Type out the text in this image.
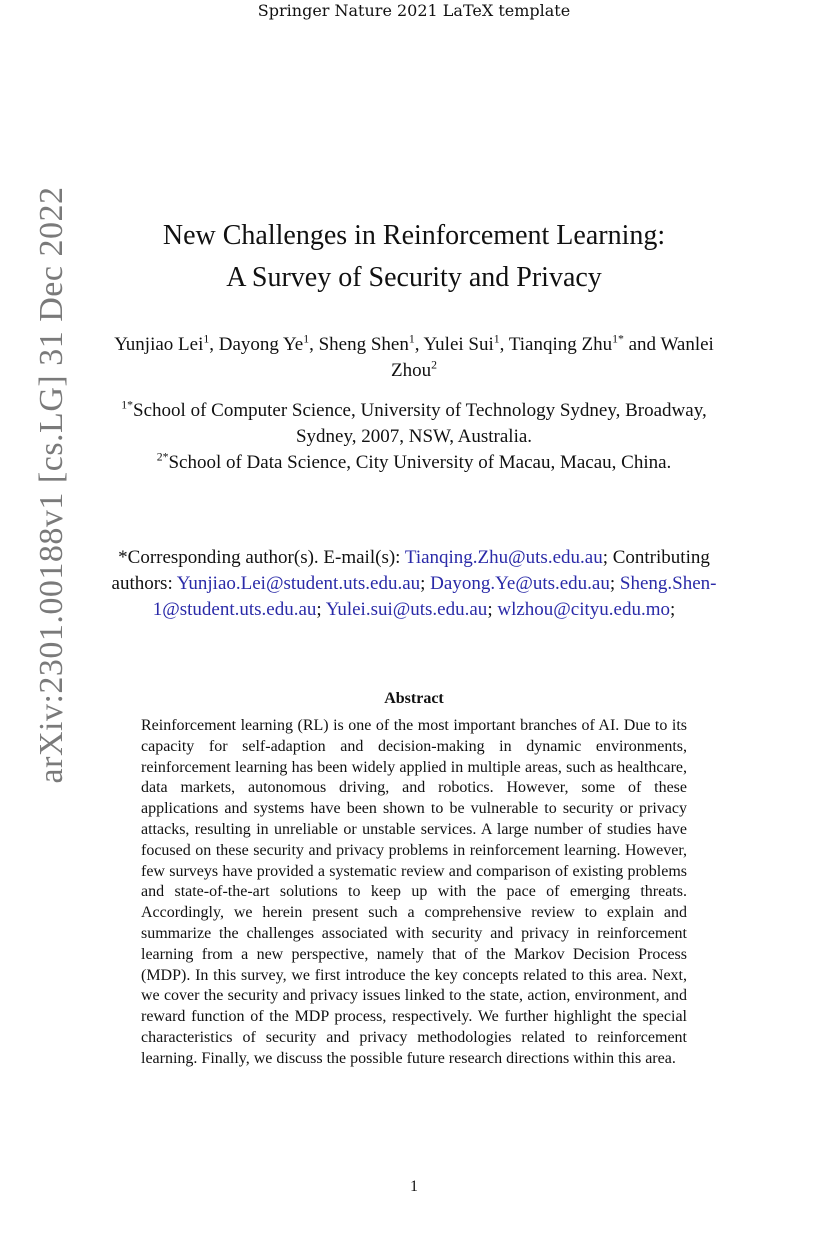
Springer Nature 2021 LaTeX template
arXiv:2301.00188v1 [cs.LG] 31 Dec 2022	New Challenges in Reinforcement Learning:
A Survey of Security and Privacy
Yunjiao Lei$^1$, Dayong Ye$^1$, Sheng Shen$^1$, Yulei Sui$^1$, Tianqing Zhu$^{1*}$ and Wanlei Zhou$^2$
$^{1*}$School of Computer Science, University of Technology Sydney, Broadway, Sydney, 2007, NSW, Australia.
$^{2*}$School of Data Science, City University of Macau, Macau, China.
*Corresponding author(s). E-mail(s): Tianqing.Zhu@uts.edu.au; Contributing authors: Yunjiao.Lei@student.uts.edu.au; Dayong.Ye@uts.edu.au; Sheng.Shen-1@student.uts.edu.au; Yulei.sui@uts.edu.au; wlzhou@cityu.edu.mo;
Abstract
Reinforcement learning (RL) is one of the most important branches of AI. Due to its capacity for self-adaption and decision-making in dynamic environments, reinforcement learning has been widely applied in multiple areas, such as healthcare, data markets, autonomous driving, and robotics. However, some of these applications and systems have been shown to be vulnerable to security or privacy attacks, resulting in unreliable or unstable services. A large number of studies have focused on these security and privacy problems in reinforcement learning. However, few surveys have provided a systematic review and comparison of existing problems and state-of-the-art solutions to keep up with the pace of emerging threats. Accordingly, we herein present such a comprehensive review to explain and summarize the challenges associated with security and privacy in reinforcement learning from a new perspective, namely that of the Markov Decision Process (MDP). In this survey, we first introduce the key concepts related to this area. Next, we cover the security and privacy issues linked to the state, action, environment, and reward function of the MDP process, respectively. We further highlight the special characteristics of security and privacy methodologies related to reinforcement learning. Finally, we discuss the possible future research directions within this area.
1
